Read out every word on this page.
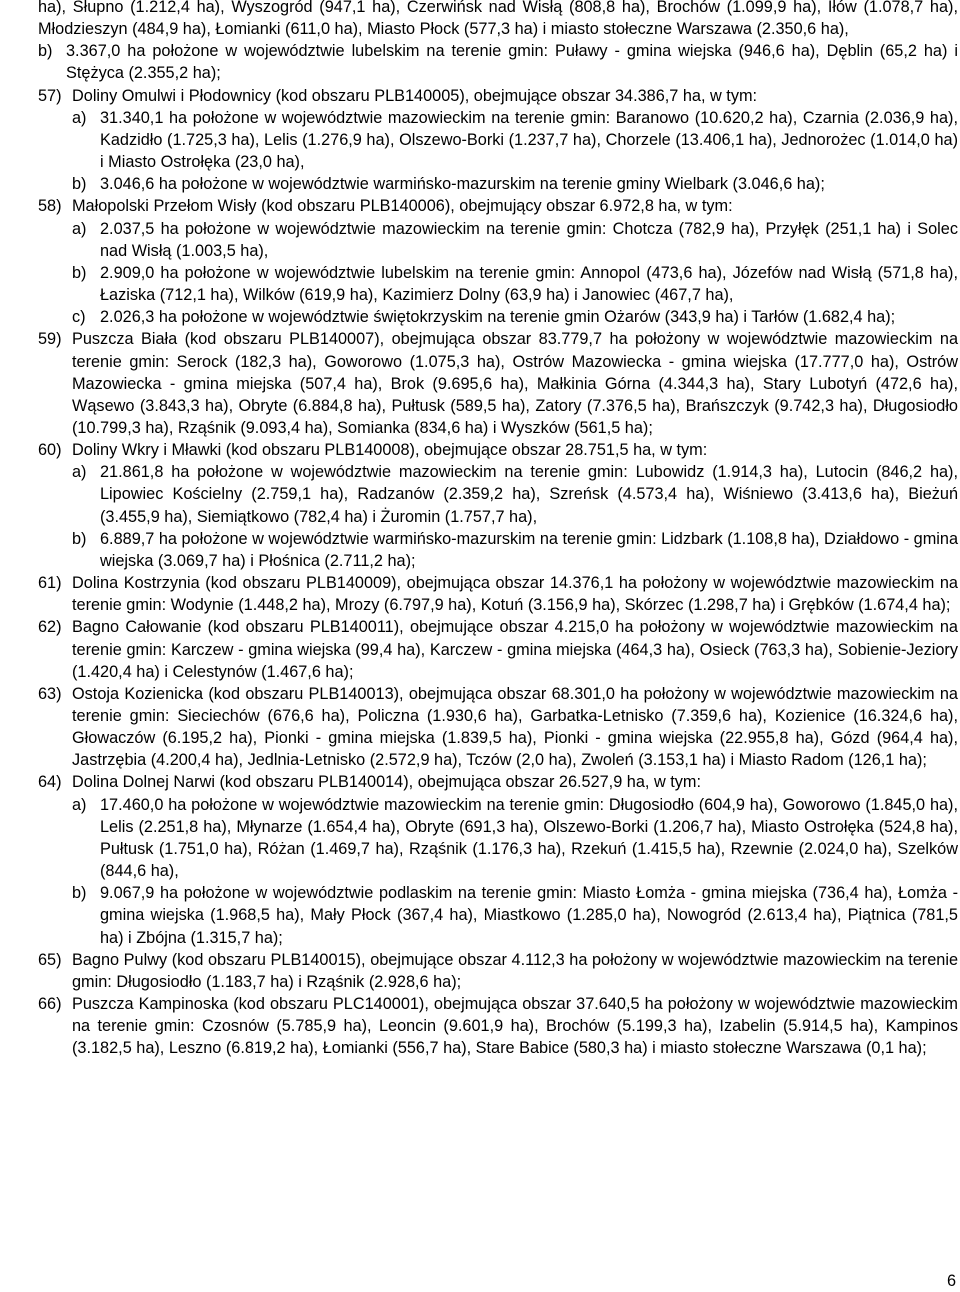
ha), Słupno (1.212,4 ha), Wyszogród (947,1 ha), Czerwińsk nad Wisłą (808,8 ha), Brochów (1.099,9 ha), Iłów (1.078,7 ha), Młodzieszyn (484,9 ha), Łomianki (611,0 ha), Miasto Płock (577,3 ha) i miasto stołeczne Warszawa (2.350,6 ha),

b) 3.367,0 ha położone w województwie lubelskim na terenie gmin: Puławy - gmina wiejska (946,6 ha), Dęblin (65,2 ha) i Stężyca (2.355,2 ha);

57) Doliny Omulwi i Płodownicy (kod obszaru PLB140005), obejmujące obszar 34.386,7 ha, w tym:

a) 31.340,1 ha położone w województwie mazowieckim na terenie gmin: Baranowo (10.620,2 ha), Czarnia (2.036,9 ha), Kadzidło (1.725,3 ha), Lelis (1.276,9 ha), Olszewo-Borki (1.237,7 ha), Chorzele (13.406,1 ha), Jednorożec (1.014,0 ha) i Miasto Ostrołęka (23,0 ha),

b) 3.046,6 ha położone w województwie warmińsko-mazurskim na terenie gminy Wielbark (3.046,6 ha);

58) Małopolski Przełom Wisły (kod obszaru PLB140006), obejmujący obszar 6.972,8 ha, w tym:

a) 2.037,5 ha położone w województwie mazowieckim na terenie gmin: Chotcza (782,9 ha), Przyłęk (251,1 ha) i Solec nad Wisłą (1.003,5 ha),

b) 2.909,0 ha położone w województwie lubelskim na terenie gmin: Annopol (473,6 ha), Józefów nad Wisłą (571,8 ha), Łaziska (712,1 ha), Wilków (619,9 ha), Kazimierz Dolny (63,9 ha) i Janowiec (467,7 ha),

c) 2.026,3 ha położone w województwie świętokrzyskim na terenie gmin Ożarów (343,9 ha) i Tarłów (1.682,4 ha);

59) Puszcza Biała (kod obszaru PLB140007), obejmująca obszar 83.779,7 ha położony w województwie mazowieckim na terenie gmin: Serock (182,3 ha), Goworowo (1.075,3 ha), Ostrów Mazowiecka - gmina wiejska (17.777,0 ha), Ostrów Mazowiecka - gmina miejska (507,4 ha), Brok (9.695,6 ha), Małkinia Górna (4.344,3 ha), Stary Lubotyń (472,6 ha), Wąsewo (3.843,3 ha), Obryte (6.884,8 ha), Pułtusk (589,5 ha), Zatory (7.376,5 ha), Brańszczyk (9.742,3 ha), Długosiodło (10.799,3 ha), Rząśnik (9.093,4 ha), Somianka (834,6 ha) i Wyszków (561,5 ha);

60) Doliny Wkry i Mławki (kod obszaru PLB140008), obejmujące obszar 28.751,5 ha, w tym:

a) 21.861,8 ha położone w województwie mazowieckim na terenie gmin: Lubowidz (1.914,3 ha), Lutocin (846,2 ha), Lipowiec Kościelny (2.759,1 ha), Radzanów (2.359,2 ha), Szreńsk (4.573,4 ha), Wiśniewo (3.413,6 ha), Bieżuń (3.455,9 ha), Siemiątkowo (782,4 ha) i Żuromin (1.757,7 ha),

b) 6.889,7 ha położone w województwie warmińsko-mazurskim na terenie gmin: Lidzbark (1.108,8 ha), Działdowo - gmina wiejska (3.069,7 ha) i Płośnica (2.711,2 ha);

61) Dolina Kostrzynia (kod obszaru PLB140009), obejmująca obszar 14.376,1 ha położony w województwie mazowieckim na terenie gmin: Wodynie (1.448,2 ha), Mrozy (6.797,9 ha), Kotuń (3.156,9 ha), Skórzec (1.298,7 ha) i Grębków (1.674,4 ha);

62) Bagno Całowanie (kod obszaru PLB140011), obejmujące obszar 4.215,0 ha położony w województwie mazowieckim na terenie gmin: Karczew - gmina wiejska (99,4 ha), Karczew - gmina miejska (464,3 ha), Osieck (763,3 ha), Sobienie-Jeziory (1.420,4 ha) i Celestynów (1.467,6 ha);

63) Ostoja Kozienicka (kod obszaru PLB140013), obejmująca obszar 68.301,0 ha położony w województwie mazowieckim na terenie gmin: Sieciechów (676,6 ha), Policzna (1.930,6 ha), Garbatka-Letnisko (7.359,6 ha), Kozienice (16.324,6 ha), Głowaczów (6.195,2 ha), Pionki - gmina miejska (1.839,5 ha), Pionki - gmina wiejska (22.955,8 ha), Gózd (964,4 ha), Jastrzębia (4.200,4 ha), Jedlnia-Letnisko (2.572,9 ha), Tczów (2,0 ha), Zwoleń (3.153,1 ha) i Miasto Radom (126,1 ha);

64) Dolina Dolnej Narwi (kod obszaru PLB140014), obejmująca obszar 26.527,9 ha, w tym:

a) 17.460,0 ha położone w województwie mazowieckim na terenie gmin: Długosiodło (604,9 ha), Goworowo (1.845,0 ha), Lelis (2.251,8 ha), Młynarze (1.654,4 ha), Obryte (691,3 ha), Olszewo-Borki (1.206,7 ha), Miasto Ostrołęka (524,8 ha), Pułtusk (1.751,0 ha), Różan (1.469,7 ha), Rząśnik (1.176,3 ha), Rzekuń (1.415,5 ha), Rzewnie (2.024,0 ha), Szelków (844,6 ha),

b) 9.067,9 ha położone w województwie podlaskim na terenie gmin: Miasto Łomża - gmina miejska (736,4 ha), Łomża - gmina wiejska (1.968,5 ha), Mały Płock (367,4 ha), Miastkowo (1.285,0 ha), Nowogród (2.613,4 ha), Piątnica (781,5 ha) i Zbójna (1.315,7 ha);

65) Bagno Pulwy (kod obszaru PLB140015), obejmujące obszar 4.112,3 ha położony w województwie mazowieckim na terenie gmin: Długosiodło (1.183,7 ha) i Rząśnik (2.928,6 ha);

66) Puszcza Kampinoska (kod obszaru PLC140001), obejmująca obszar 37.640,5 ha położony w województwie mazowieckim na terenie gmin: Czosnów (5.785,9 ha), Leoncin (9.601,9 ha), Brochów (5.199,3 ha), Izabelin (5.914,5 ha), Kampinos (3.182,5 ha), Leszno (6.819,2 ha), Łomianki (556,7 ha), Stare Babice (580,3 ha) i miasto stołeczne Warszawa (0,1 ha);

6
